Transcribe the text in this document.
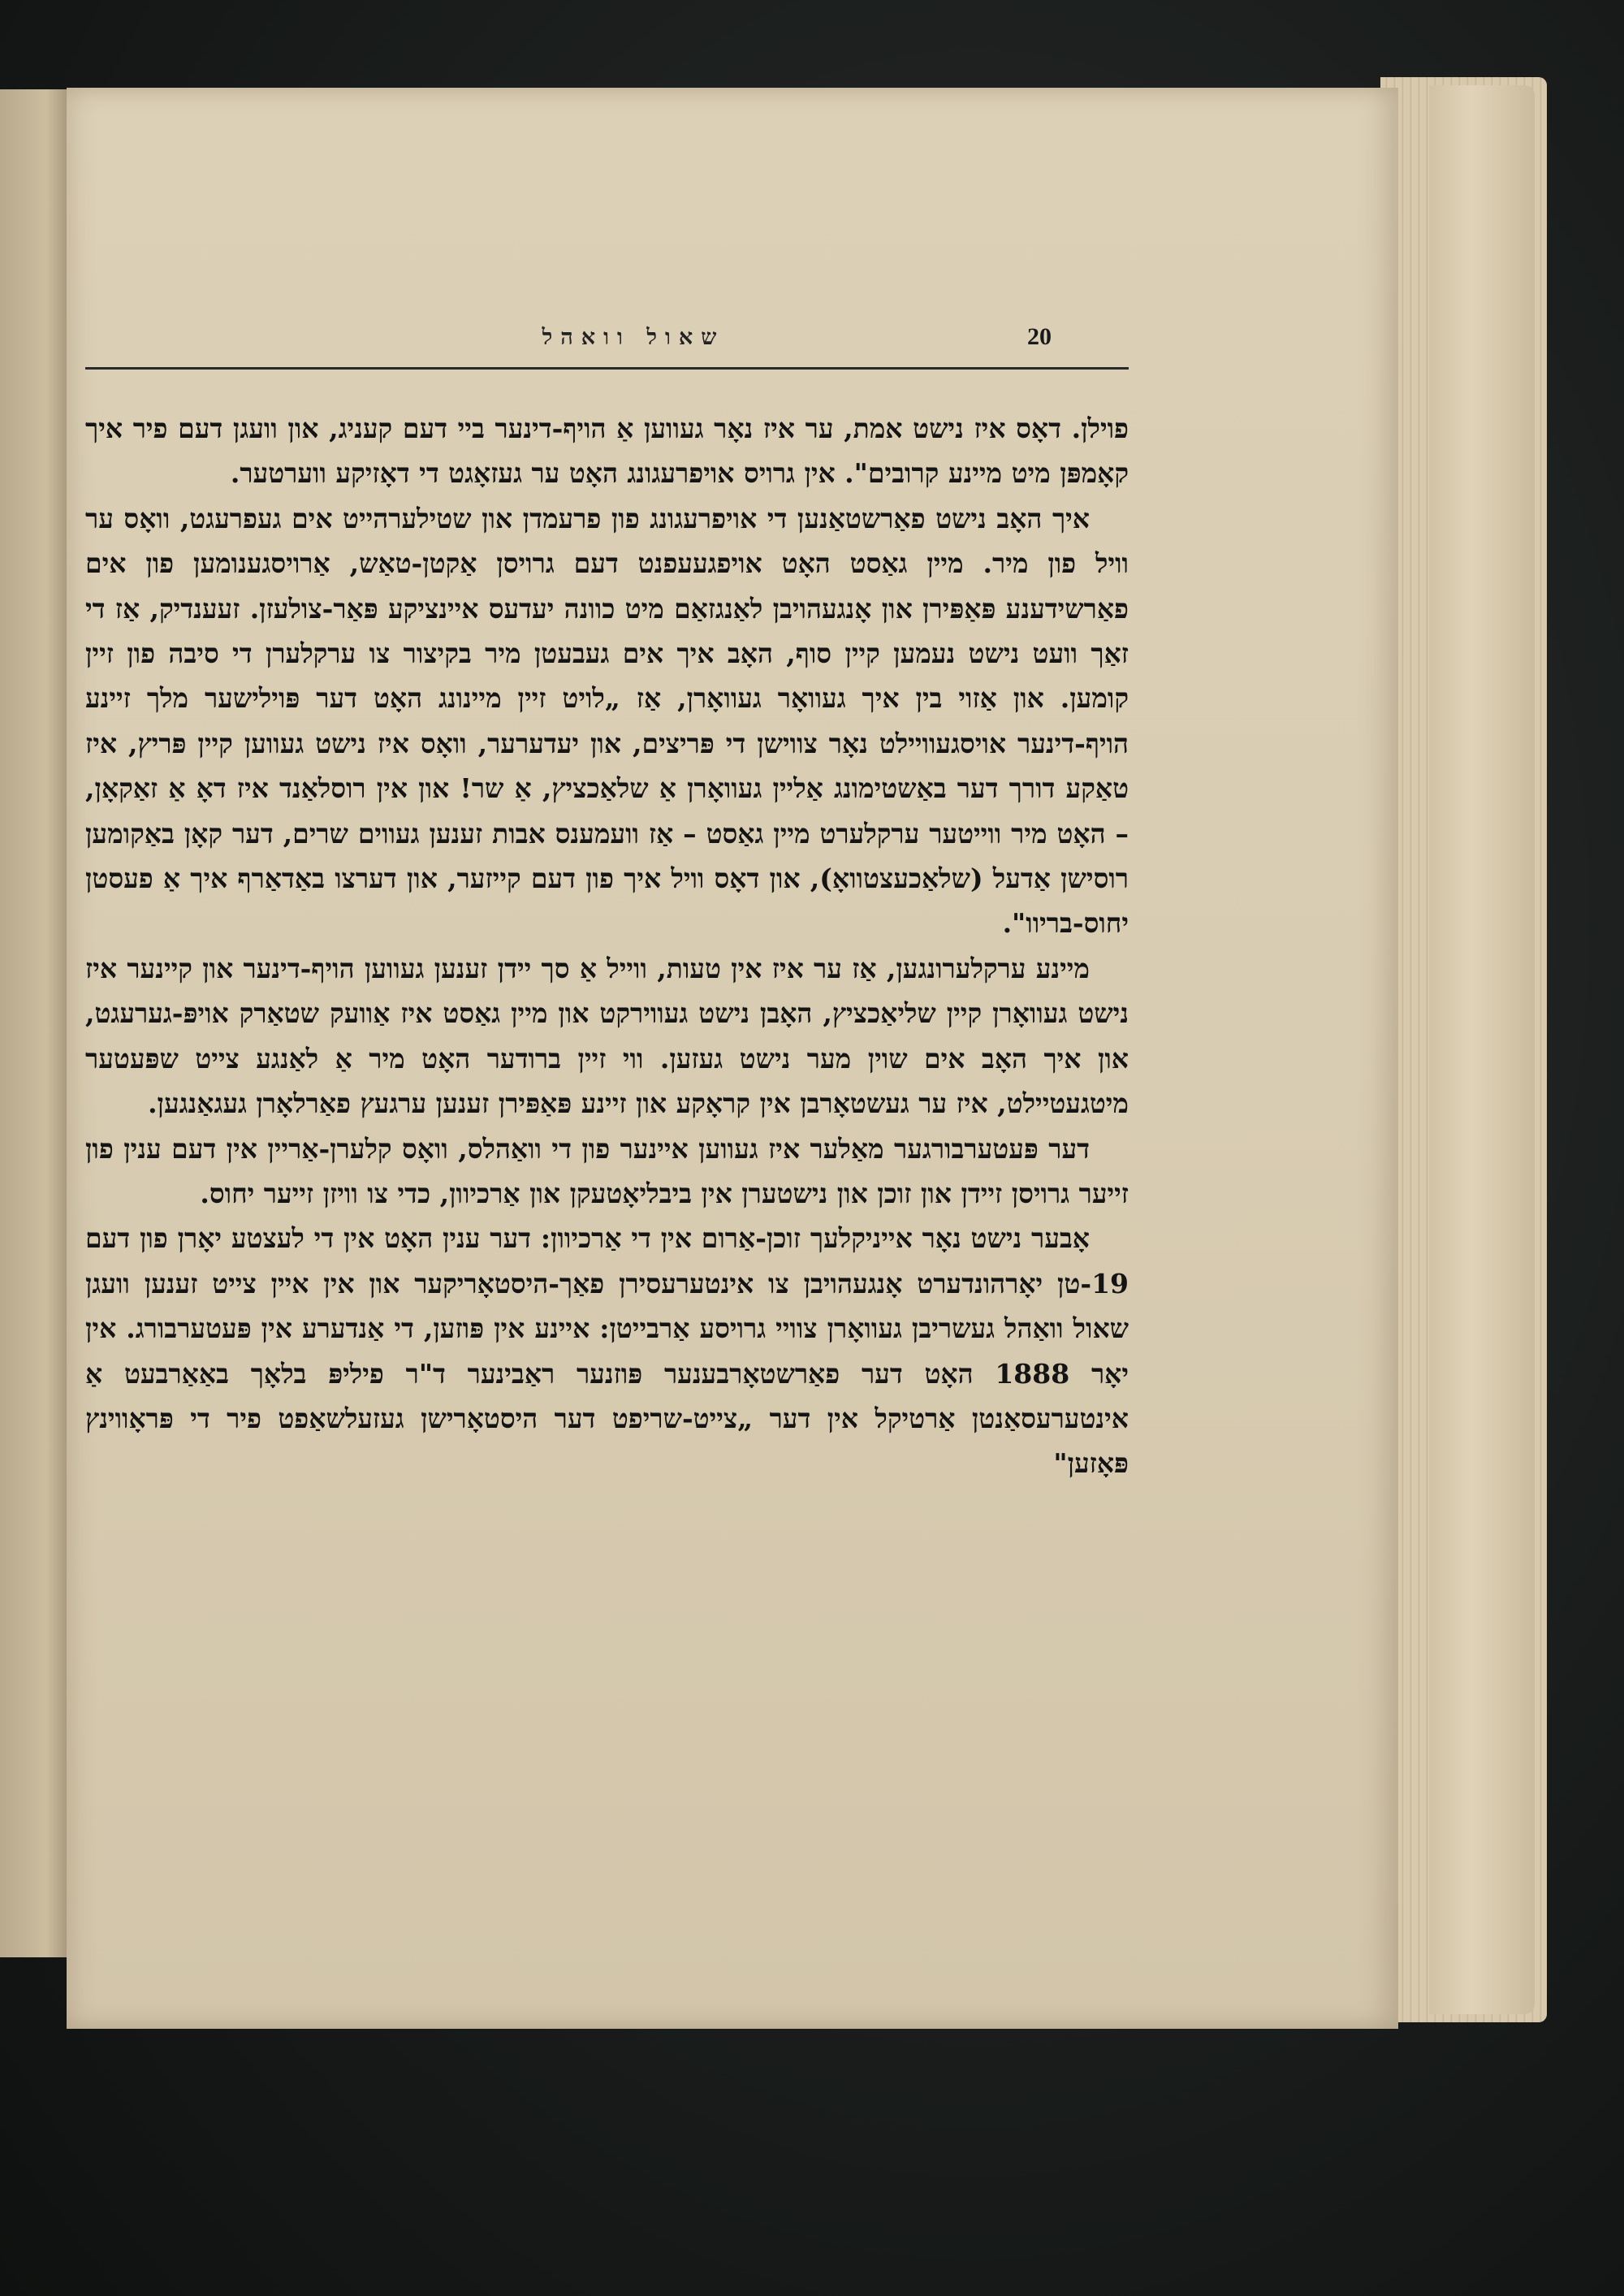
20
שאול וואהל

פוילן. דאָס איז נישט אמת, ער איז נאָר געווען אַ הויף-דינער ביי דעם קעניג, און וועגן דעם פיר איך קאָמפּן מיט מיינע קרובים". אין גרויס אויפרעגונג האָט ער געזאָגט די דאָזיקע ווערטער.

איך האָב נישט פאַרשטאַנען די אויפרעגונג פון פרעמדן און שטילערהייט אים געפרעגט, וואָס ער וויל פון מיר. מיין גאַסט האָט אויפגעעפנט דעם גרויסן אַקטן-טאַש, אַרויסגענומען פון אים פאַרשידענע פּאַפּירן און אָנגעהויבן לאַנגזאַם מיט כוונה יעדעס איינציקע פּאַר-צולעזן. זעענדיק, אַז די זאַך וועט נישט נעמען קיין סוף, האָב איך אים געבעטן מיר בקיצור צו ערקלערן די סיבה פון זיין קומען. און אַזוי בין איך געוואָר געוואָרן, אַז „לויט זיין מיינונג האָט דער פּוילישער מלך זיינע הויף-דינער אויסגעוויילט נאָר צווישן די פּריצים, און יעדערער, וואָס איז נישט געווען קיין פּריץ, איז טאַקע דורך דער באַשטימונג אַליין געוואָרן אַ שלאַכציץ, אַ שר! און אין רוסלאַנד איז דאָ אַ זאַקאָן, – האָט מיר ווייטער ערקלערט מיין גאַסט – אַז וועמענס אבות זענען געווים שרים, דער קאָן באַקומען רוסישן אַדעל (שלאַכעצטוואָ), און דאָס וויל איך פון דעם קייזער, און דערצו באַדאַרף איך אַ פעסטן יחוס-בריוו".

מיינע ערקלערונגען, אַז ער איז אין טעות, ווייל אַ סך יידן זענען געווען הויף-דינער און קיינער איז נישט געוואָרן קיין שליאַכציץ, האָבן נישט געווירקט און מיין גאַסט איז אַוועק שטאַרק אויפּ-גערעגט, און איך האָב אים שוין מער נישט געזען. ווי זיין ברודער האָט מיר אַ לאַנגע צייט שפּעטער מיטגעטיילט, איז ער געשטאָרבן אין קראָקע און זיינע פּאַפּירן זענען ערגעץ פאַרלאָרן געגאַנגען.

דער פּעטערבורגער מאַלער איז געווען איינער פון די וואַהלס, וואָס קלערן-אַריין אין דעם ענין פון זייער גרויסן זיידן און זוכן און נישטערן אין ביבליאָטעקן און אַרכיוון, כדי צו וויזן זייער יחוס.

אָבער נישט נאָר אייניקלעך זוכן-אַרום אין די אַרכיוון: דער ענין האָט אין די לעצטע יאָרן פון דעם 19-טן יאָרהונדערט אָנגעהויבן צו אינטערעסירן פאַך-היסטאָריקער און אין איין צייט זענען וועגן שאול וואַהל געשריבן געוואָרן צוויי גרויסע אַרבייטן: איינע אין פּוזען, די אַנדערע אין פּעטערבורג. אין יאָר 1888 האָט דער פאַרשטאָרבענער פּוזנער ראַבינער ד"ר פיליפּ בלאָך באַאַרבעט אַ אינטערעסאַנטן אַרטיקל אין דער „צייט-שריפט דער היסטאָרישן געזעלשאַפט פיר די פּראָווינץ פּאָזען"
